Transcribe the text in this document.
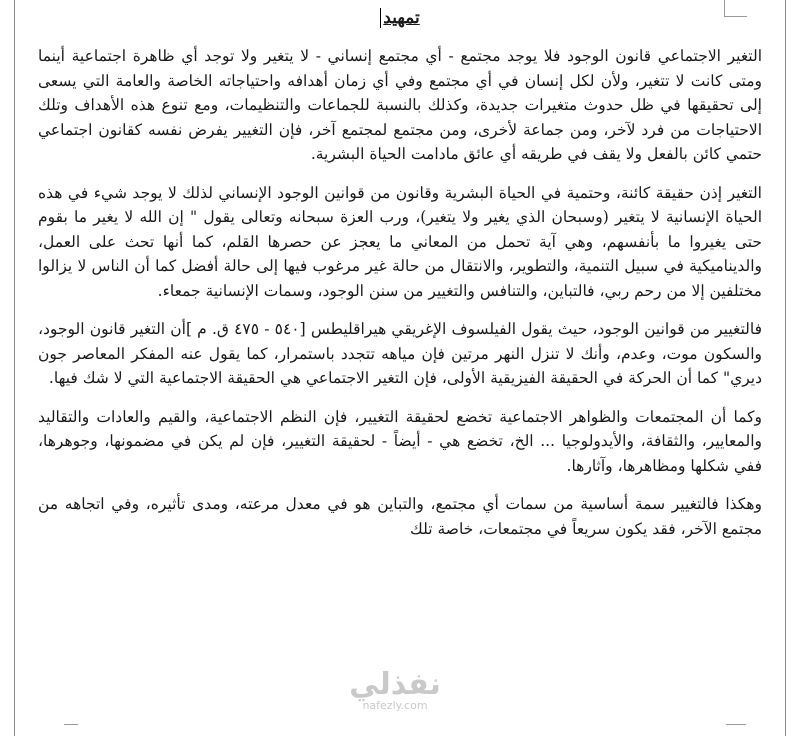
تمهيد

التغير الاجتماعي قانون الوجود فلا يوجد مجتمع - أي مجتمع إنساني - لا يتغير ولا توجد أي ظاهرة اجتماعية أينما ومتى كانت لا تتغير، ولأن لكل إنسان في أي مجتمع وفي أي زمان أهدافه واحتياجاته الخاصة والعامة التي يسعى إلى تحقيقها في ظل حدوث متغيرات جديدة، وكذلك بالنسبة للجماعات والتنظيمات، ومع تنوع هذه الأهداف وتلك الاحتياجات من فرد لآخر، ومن جماعة لأخرى، ومن مجتمع لمجتمع آخر، فإن التغيير يفرض نفسه كقانون اجتماعي حتمي كائن بالفعل ولا يقف في طريقه أي عائق مادامت الحياة البشرية.

التغير إذن حقيقة كائنة، وحتمية في الحياة البشرية وقانون من قوانين الوجود الإنساني لذلك لا يوجد شيء في هذه الحياة الإنسانية لا يتغير (وسبحان الذي يغير ولا يتغير)، ورب العزة سبحانه وتعالى يقول " إن الله لا يغير ما بقوم حتى يغيروا ما بأنفسهم، وهي آية تحمل من المعاني ما يعجز عن حصرها القلم، كما أنها تحث على العمل، والديناميكية في سبيل التنمية، والتطوير، والانتقال من حالة غير مرغوب فيها إلى حالة أفضل كما أن الناس لا يزالوا مختلفين إلا من رحم ربي، فالتباين، والتنافس والتغيير من سنن الوجود، وسمات الإنسانية جمعاء.

فالتغيير من قوانين الوجود، حيث يقول الفيلسوف الإغريقي هيراقليطس [٥٤٠ - ٤٧٥ ق. م ]أن التغير قانون الوجود، والسكون موت، وعدم، وأنك لا تنزل النهر مرتين فإن مياهه تتجدد باستمرار، كما يقول عنه المفكر المعاصر جون ديري" كما أن الحركة في الحقيقة الفيزيقية الأولى، فإن التغير الاجتماعي هي الحقيقة الاجتماعية التي لا شك فيها.

وكما أن المجتمعات والظواهر الاجتماعية تخضع لحقيقة التغيير، فإن النظم الاجتماعية، والقيم والعادات والتقاليد والمعايير، والثقافة، والأيدولوجيا ... الخ، تخضع هي - أيضاً - لحقيقة التغيير، فإن لم يكن في مضمونها، وجوهرها، ففي شكلها ومظاهرها، وآثارها.

وهكذا فالتغيير سمة أساسية من سمات أي مجتمع، والتباين هو في معدل مرعته، ومدى تأثيره، وفي اتجاهه من مجتمع الآخر، فقد يكون سريعاً في مجتمعات، خاصة تلك

نفذلي
nafezly.com
